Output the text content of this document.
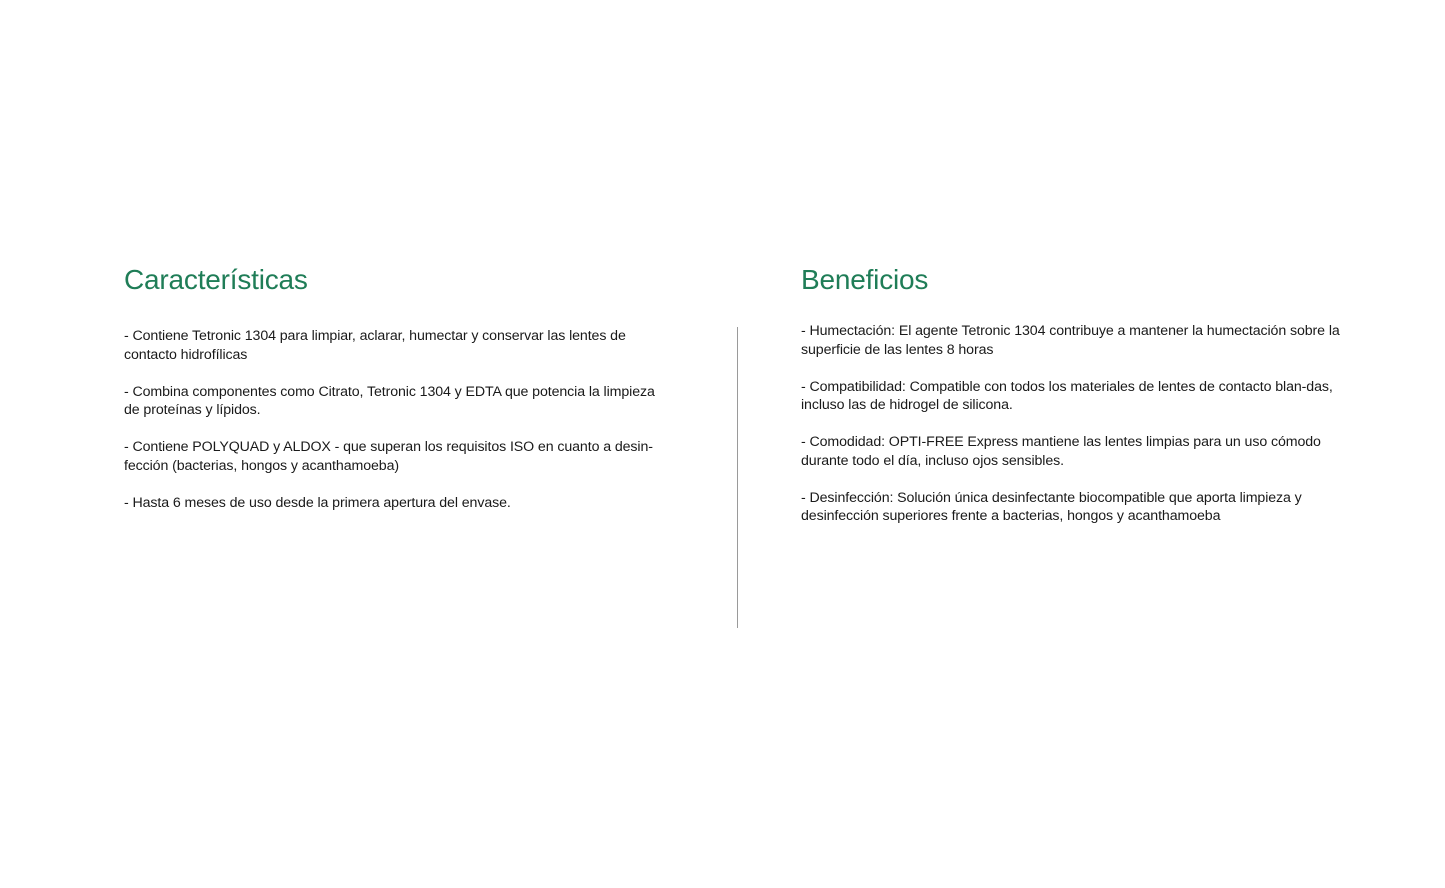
Características
- Contiene Tetronic 1304 para limpiar, aclarar, humectar y conservar las lentes de contacto hidrofílicas
- Combina componentes como Citrato, Tetronic 1304 y EDTA que potencia la limpieza de proteínas y lípidos.
- Contiene POLYQUAD y ALDOX - que superan los requisitos ISO en cuanto a desin-fección (bacterias, hongos y acanthamoeba)
- Hasta 6 meses de uso desde la primera apertura del envase.
Beneficios
- Humectación: El agente Tetronic 1304 contribuye a mantener la humectación sobre la superficie de las lentes 8 horas
- Compatibilidad: Compatible con todos los materiales de lentes de contacto blan-das, incluso las de hidrogel de silicona.
- Comodidad: OPTI-FREE Express mantiene las lentes limpias para un uso cómodo durante todo el día, incluso ojos sensibles.
- Desinfección: Solución única desinfectante biocompatible que aporta limpieza y desinfección superiores frente a bacterias, hongos y acanthamoeba
